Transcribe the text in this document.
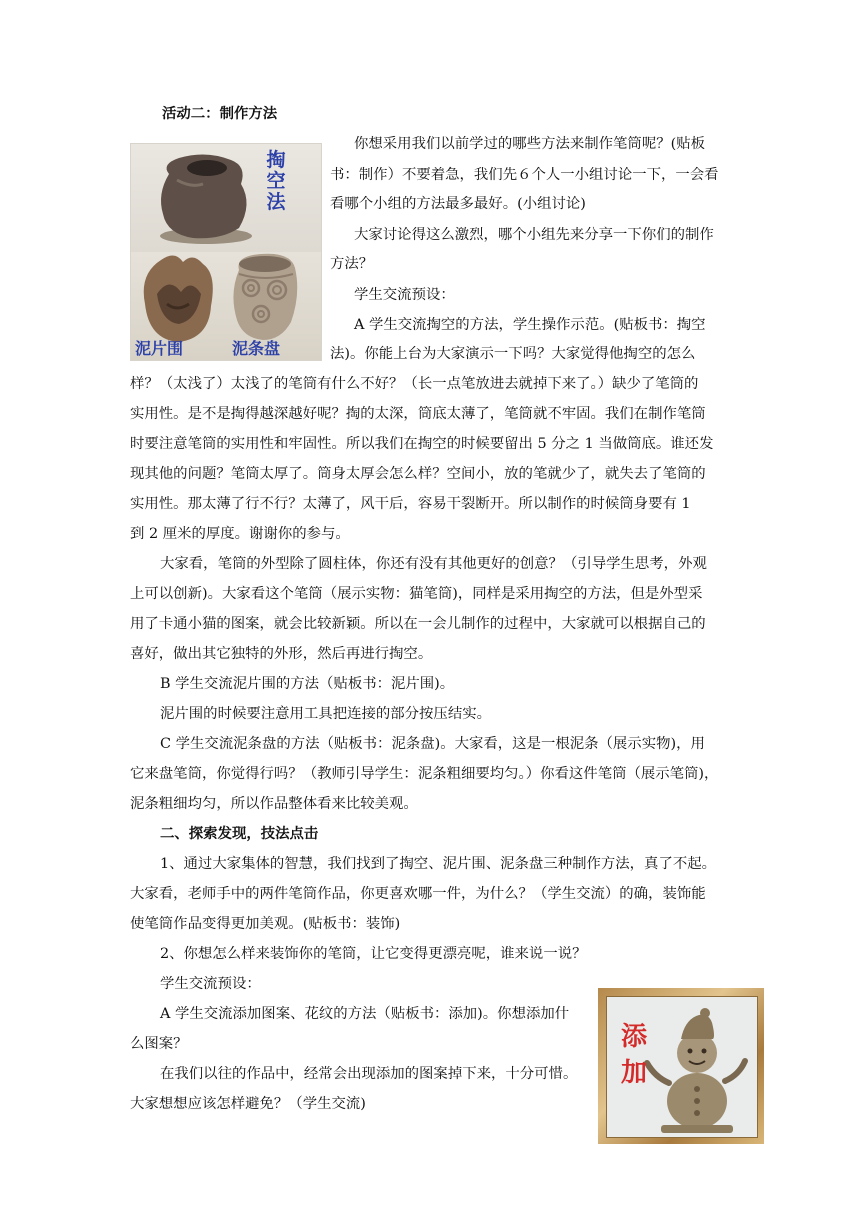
掏空法
泥片围	泥条盘
添加
活动二：制作方法
你想采用我们以前学过的哪些方法来制作笔筒呢？(贴板
书：制作）不要着急，我们先６个人一小组讨论一下，一会看
看哪个小组的方法最多最好。(小组讨论)
大家讨论得这么激烈，哪个小组先来分享一下你们的制作
方法？
学生交流预设：
A 学生交流掏空的方法，学生操作示范。(贴板书：掏空
法)。你能上台为大家演示一下吗？大家觉得他掏空的怎么
样？（太浅了）太浅了的笔筒有什么不好？（长一点笔放进去就掉下来了。）缺少了笔筒的
实用性。是不是掏得越深越好呢？掏的太深，筒底太薄了，笔筒就不牢固。我们在制作笔筒
时要注意笔筒的实用性和牢固性。所以我们在掏空的时候要留出 5 分之 1 当做筒底。谁还发
现其他的问题？笔筒太厚了。筒身太厚会怎么样？空间小，放的笔就少了，就失去了笔筒的
实用性。那太薄了行不行？太薄了，风干后，容易干裂断开。所以制作的时候筒身要有 1
到 2 厘米的厚度。谢谢你的参与。
大家看，笔筒的外型除了圆柱体，你还有没有其他更好的创意？（引导学生思考，外观
上可以创新)。大家看这个笔筒（展示实物：猫笔筒)，同样是采用掏空的方法，但是外型采
用了卡通小猫的图案，就会比较新颖。所以在一会儿制作的过程中，大家就可以根据自己的
喜好，做出其它独特的外形，然后再进行掏空。
B 学生交流泥片围的方法（贴板书：泥片围)。
泥片围的时候要注意用工具把连接的部分按压结实。
C 学生交流泥条盘的方法（贴板书：泥条盘)。大家看，这是一根泥条（展示实物)，用
它来盘笔筒，你觉得行吗？（教师引导学生：泥条粗细要均匀。）你看这件笔筒（展示笔筒)，
泥条粗细均匀，所以作品整体看来比较美观。
二、探索发现，技法点击
1、通过大家集体的智慧，我们找到了掏空、泥片围、泥条盘三种制作方法，真了不起。
大家看，老师手中的两件笔筒作品，你更喜欢哪一件，为什么？（学生交流）的确，装饰能
使笔筒作品变得更加美观。(贴板书：装饰)
2、你想怎么样来装饰你的笔筒，让它变得更漂亮呢，谁来说一说？
学生交流预设：
A 学生交流添加图案、花纹的方法（贴板书：添加)。你想添加什
么图案？
在我们以往的作品中，经常会出现添加的图案掉下来，十分可惜。
大家想想应该怎样避免？（学生交流)
